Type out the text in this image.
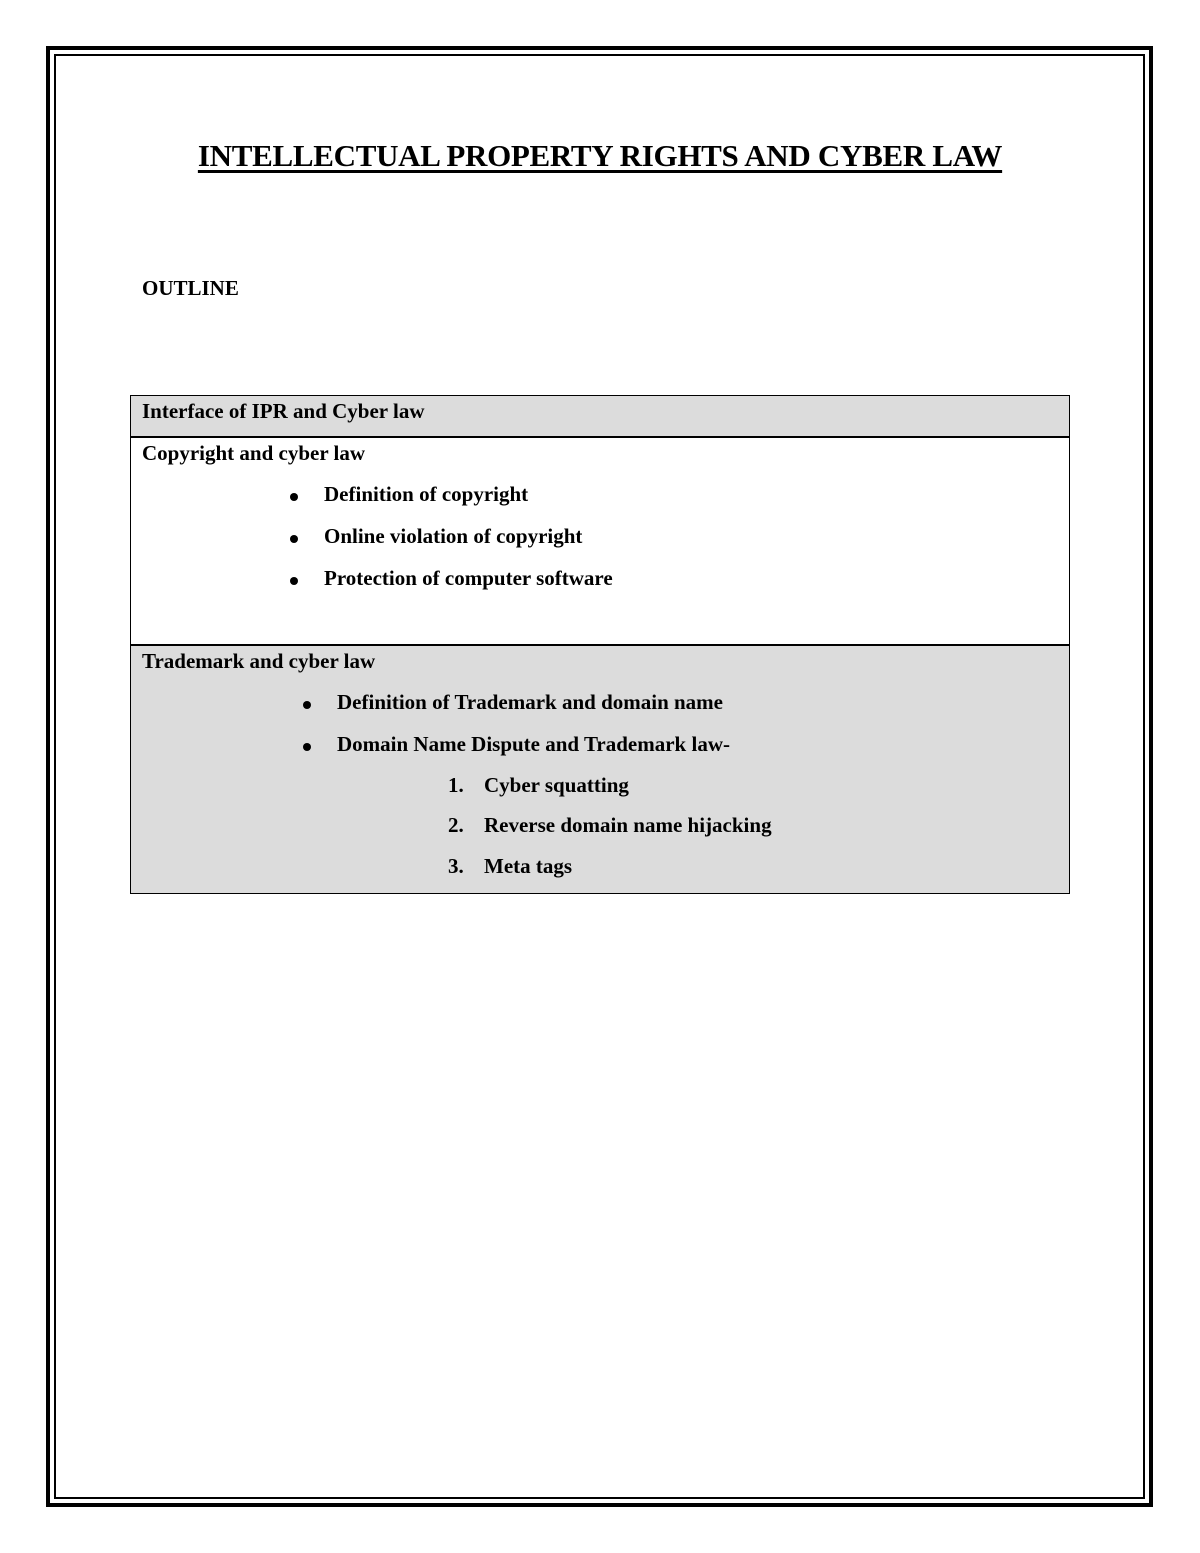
INTELLECTUAL PROPERTY RIGHTS AND CYBER LAW
OUTLINE
Interface of IPR and Cyber law
Copyright and cyber law
Definition of copyright
Online violation of copyright
Protection of computer software
Trademark and cyber law
Definition of Trademark and domain name
Domain Name Dispute and Trademark law-
1. Cyber squatting
2. Reverse domain name hijacking
3. Meta tags
